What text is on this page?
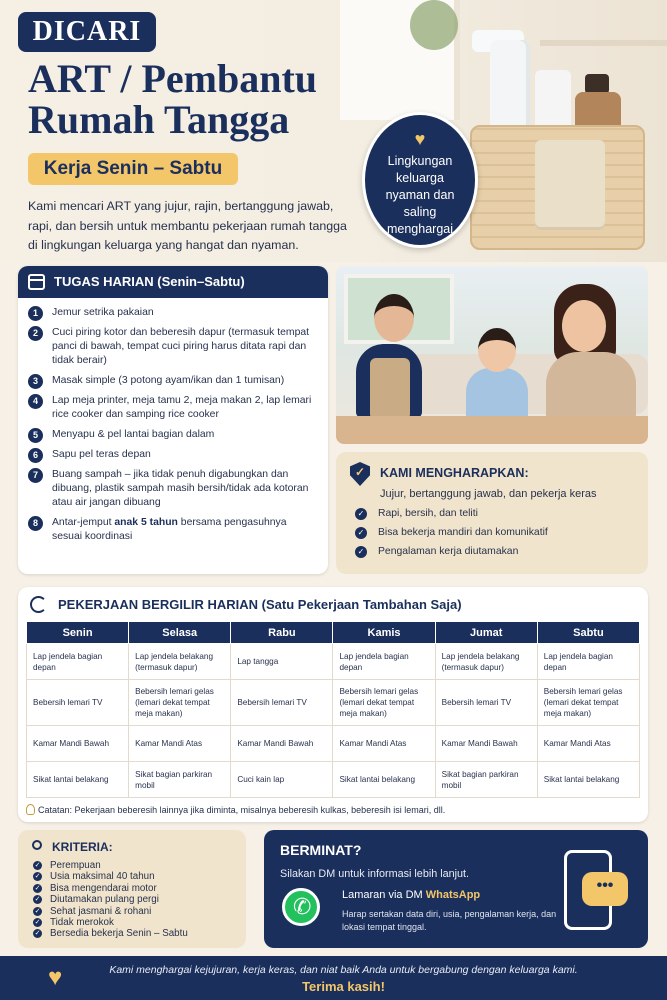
DICARI
ART / Pembantu
Rumah Tangga
Kerja Senin – Sabtu
Kami mencari ART yang jujur, rajin, bertanggung jawab, rapi, dan bersih untuk membantu pekerjaan rumah tangga di lingkungan keluarga yang hangat dan nyaman.
♥
Lingkungan keluarga nyaman dan saling menghargai
TUGAS HARIAN (Senin–Sabtu)
1	Jemur setrika pakaian
2	Cuci piring kotor dan beberesih dapur (termasuk tempat panci di bawah, tempat cuci piring harus ditata rapi dan tidak berair)
3	Masak simple (3 potong ayam/ikan dan 1 tumisan)
4	Lap meja printer, meja tamu 2, meja makan 2, lap lemari rice cooker dan samping rice cooker
5	Menyapu & pel lantai bagian dalam
6	Sapu pel teras depan
7	Buang sampah – jika tidak penuh digabungkan dan dibuang, plastik sampah masih bersih/tidak ada kotoran atau air jangan dibuang
8	Antar-jemput anak 5 tahun bersama pengasuhnya sesuai koordinasi
✓
KAMI MENGHARAPKAN:
Jujur, bertanggung jawab, dan pekerja keras
✓ Rapi, bersih, dan teliti
✓ Bisa bekerja mandiri dan komunikatif
✓ Pengalaman kerja diutamakan
PEKERJAAN BERGILIR HARIAN (Satu Pekerjaan Tambahan Saja)
Senin	Selasa	Rabu	Kamis	Jumat	Sabtu
Lap jendela bagian depan	Lap jendela belakang (termasuk dapur)	Lap tangga	Lap jendela bagian depan	Lap jendela belakang (termasuk dapur)	Lap jendela bagian depan
Bebersih lemari TV	Bebersih lemari gelas (lemari dekat tempat meja makan)	Bebersih lemari TV	Bebersih lemari gelas (lemari dekat tempat meja makan)	Bebersih lemari TV	Bebersih lemari gelas (lemari dekat tempat meja makan)
Kamar Mandi Bawah	Kamar Mandi Atas	Kamar Mandi Bawah	Kamar Mandi Atas	Kamar Mandi Bawah	Kamar Mandi Atas
Sikat lantai belakang	Sikat bagian parkiran mobil	Cuci kain lap	Sikat lantai belakang	Sikat bagian parkiran mobil	Sikat lantai belakang
Catatan: Pekerjaan beberesih lainnya jika diminta, misalnya beberesih kulkas, beberesih isi lemari, dll.
KRITERIA:
✓ Perempuan
✓ Usia maksimal 40 tahun
✓ Bisa mengendarai motor
✓ Diutamakan pulang pergi
✓ Sehat jasmani & rohani
✓ Tidak merokok
✓ Bersedia bekerja Senin – Sabtu
BERMINAT?
Silakan DM untuk informasi lebih lanjut.
✆
Lamaran via DM WhatsApp
Harap sertakan data diri, usia, pengalaman kerja, dan lokasi tempat tinggal.
•••
♥	Kami menghargai kejujuran, kerja keras, dan niat baik Anda untuk bergabung dengan keluarga kami.
Terima kasih!
